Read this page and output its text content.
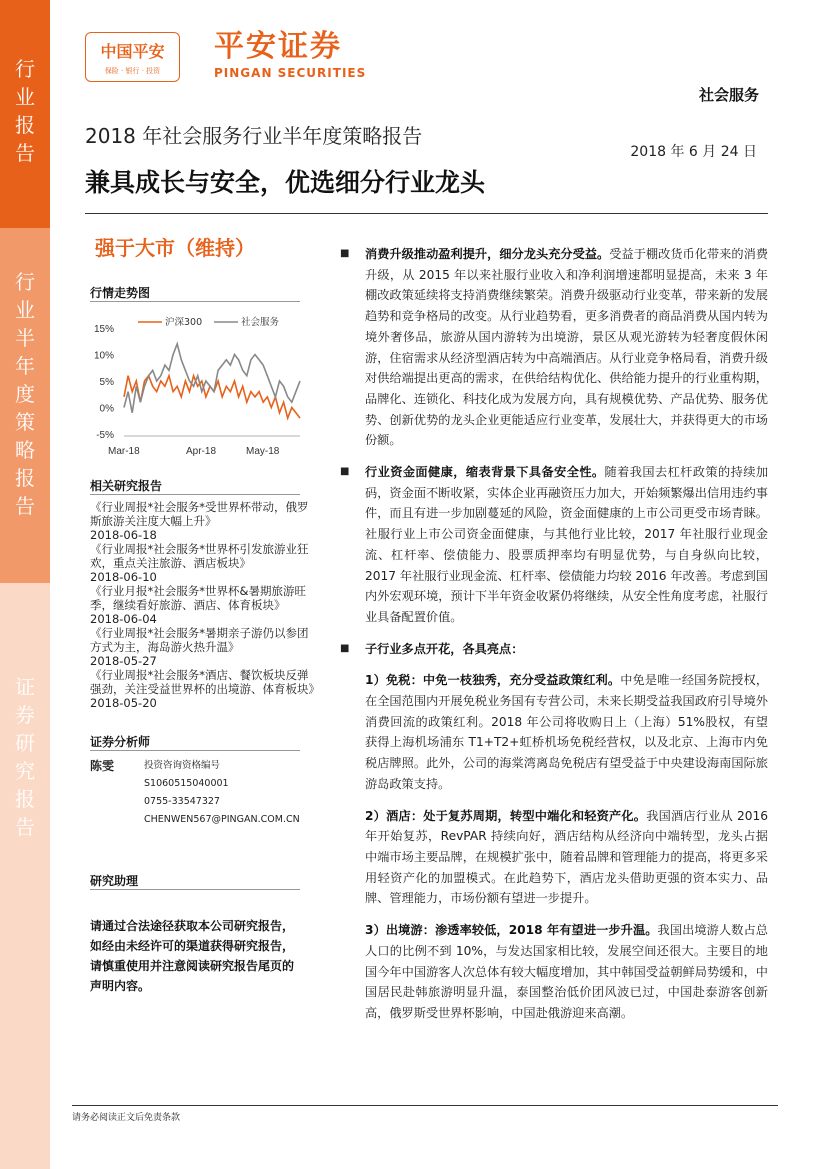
行
业
报
告
行
业
半
年
度
策
略
报
告
证
券
研
究
报
告
中国平安
保险 · 银行 · 投资
平安证券
PINGAN SECURITIES
社会服务
2018 年社会服务行业半年度策略报告
2018 年 6 月 24 日
兼具成长与安全，优选细分行业龙头
强于大市（维持）
行情走势图
沪深300	社会服务
15%
10%
5%
0%
-5%
Mar-18	Apr-18	May-18
相关研究报告
《行业周报*社会服务*受世界杯带动，俄罗斯旅游关注度大幅上升》
2018-06-18
《行业周报*社会服务*世界杯引发旅游业狂欢，重点关注旅游、酒店板块》
2018-06-10
《行业月报*社会服务*世界杯&暑期旅游旺季，继续看好旅游、酒店、体育板块》
2018-06-04
《行业周报*社会服务*暑期亲子游仍以参团方式为主，海岛游火热升温》
2018-05-27
《行业周报*社会服务*酒店、餐饮板块反弹强劲，关注受益世界杯的出境游、体育板块》
2018-05-20
证券分析师
陈雯	投资咨询资格编号
S1060515040001
0755-33547327
CHENWEN567@PINGAN.COM.CN
研究助理
请通过合法途径获取本公司研究报告，如经由未经许可的渠道获得研究报告，请慎重使用并注意阅读研究报告尾页的声明内容。
■ 消费升级推动盈利提升，细分龙头充分受益。受益于棚改货币化带来的消费升级，从 2015 年以来社服行业收入和净利润增速都明显提高，未来 3 年棚改政策延续将支持消费继续繁荣。消费升级驱动行业变革，带来新的发展趋势和竞争格局的改变。从行业趋势看，更多消费者的商品消费从国内转为境外奢侈品，旅游从国内游转为出境游，景区从观光游转为轻奢度假休闲游，住宿需求从经济型酒店转为中高端酒店。从行业竞争格局看，消费升级对供给端提出更高的需求，在供给结构优化、供给能力提升的行业重构期，品牌化、连锁化、科技化成为发展方向，具有规模优势、产品优势、服务优势、创新优势的龙头企业更能适应行业变革，发展壮大，并获得更大的市场份额。
■ 行业资金面健康，缩表背景下具备安全性。随着我国去杠杆政策的持续加码，资金面不断收紧，实体企业再融资压力加大，开始频繁爆出信用违约事件，而且有进一步加剧蔓延的风险，资金面健康的上市公司更受市场青睐。社服行业上市公司资金面健康，与其他行业比较，2017 年社服行业现金流、杠杆率、偿债能力、股票质押率均有明显优势，与自身纵向比较，2017 年社服行业现金流、杠杆率、偿债能力均较 2016 年改善。考虑到国内外宏观环境，预计下半年资金收紧仍将继续，从安全性角度考虑，社服行业具备配置价值。
■ 子行业多点开花，各具亮点：
1）免税：中免一枝独秀，充分受益政策红利。中免是唯一经国务院授权，在全国范围内开展免税业务国有专营公司，未来长期受益我国政府引导境外消费回流的政策红利。2018 年公司将收购日上（上海）51%股权，有望获得上海机场浦东 T1+T2+虹桥机场免税经营权，以及北京、上海市内免税店牌照。此外，公司的海棠湾离岛免税店有望受益于中央建设海南国际旅游岛政策支持。
2）酒店：处于复苏周期，转型中端化和轻资产化。我国酒店行业从 2016 年开始复苏，RevPAR 持续向好，酒店结构从经济向中端转型，龙头占据中端市场主要品牌，在规模扩张中，随着品牌和管理能力的提高，将更多采用轻资产化的加盟模式。在此趋势下，酒店龙头借助更强的资本实力、品牌、管理能力，市场份额有望进一步提升。
3）出境游：渗透率较低，2018 年有望进一步升温。我国出境游人数占总人口的比例不到 10%，与发达国家相比较，发展空间还很大。主要目的地国今年中国游客人次总体有较大幅度增加，其中韩国受益朝鲜局势缓和，中国居民赴韩旅游明显升温，泰国整治低价团风波已过，中国赴泰游客创新高，俄罗斯受世界杯影响，中国赴俄游迎来高潮。
请务必阅读正文后免责条款
